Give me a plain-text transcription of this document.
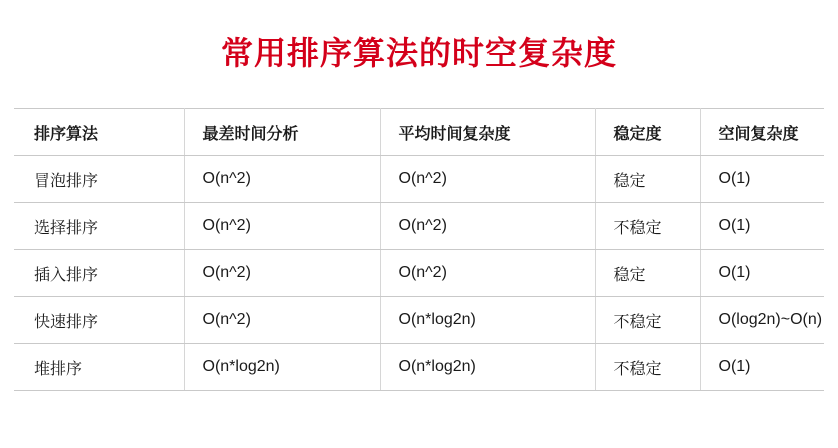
常用排序算法的时空复杂度
排序算法	最差时间分析	平均时间复杂度	稳定度	空间复杂度
冒泡排序	O(n^2)	O(n^2)	稳定	O(1)
选择排序	O(n^2)	O(n^2)	不稳定	O(1)
插入排序	O(n^2)	O(n^2)	稳定	O(1)
快速排序	O(n^2)	O(n*log2n)	不稳定	O(log2n)~O(n)
堆排序	O(n*log2n)	O(n*log2n)	不稳定	O(1)
